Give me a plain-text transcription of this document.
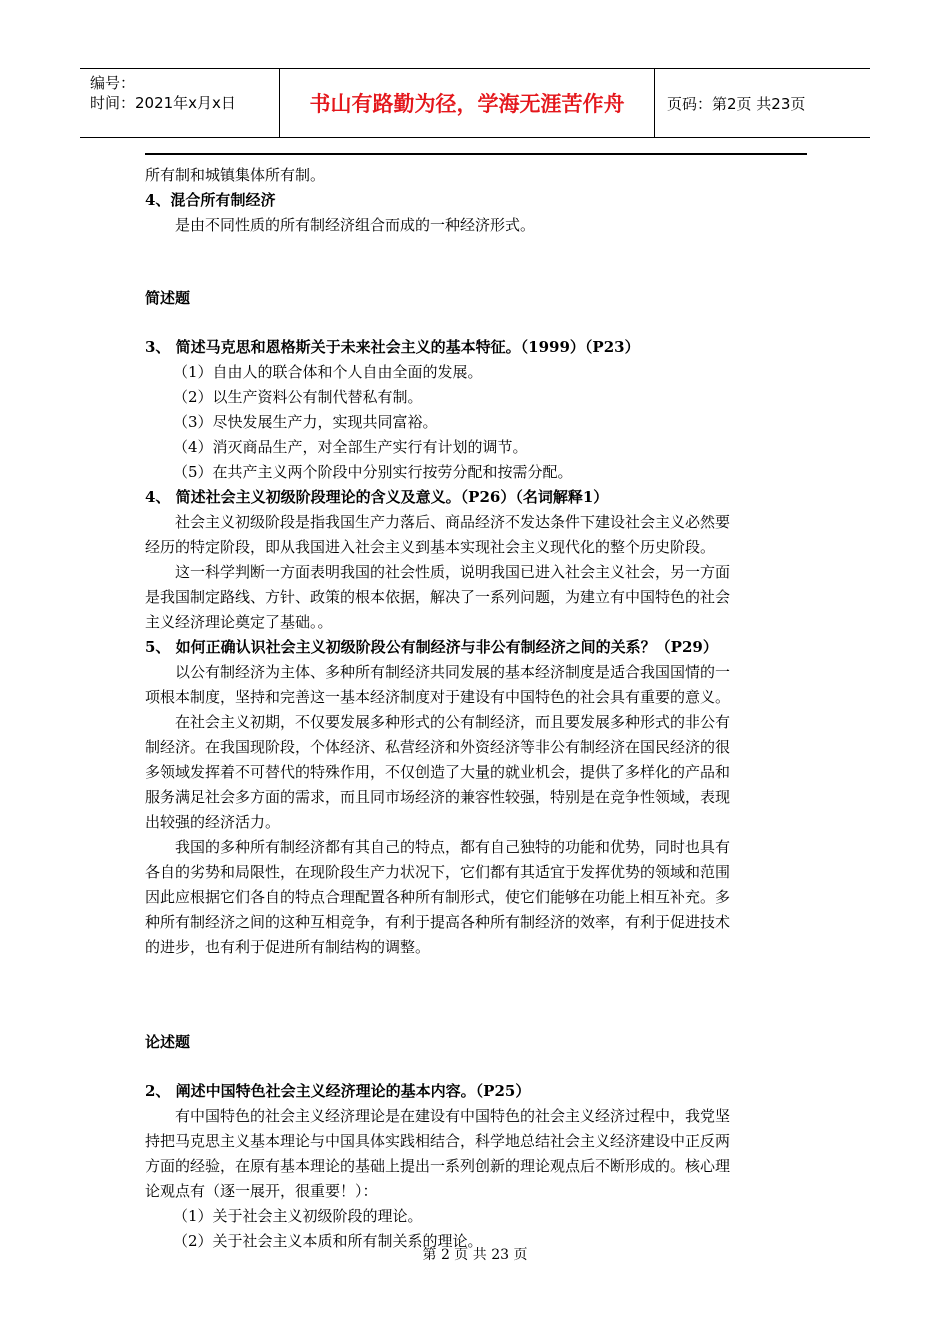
编号：
时间：2021年x月x日	书山有路勤为径，学海无涯苦作舟	页码：第2页 共23页
所有制和城镇集体所有制。
4、混合所有制经济
是由不同性质的所有制经济组合而成的一种经济形式。
简述题
3、 简述马克思和恩格斯关于未来社会主义的基本特征。（1999）（P23）
（1）自由人的联合体和个人自由全面的发展。
（2）以生产资料公有制代替私有制。
（3）尽快发展生产力，实现共同富裕。
（4）消灭商品生产，对全部生产实行有计划的调节。
（5）在共产主义两个阶段中分别实行按劳分配和按需分配。
4、 简述社会主义初级阶段理论的含义及意义。（P26）（名词解释1）
社会主义初级阶段是指我国生产力落后、商品经济不发达条件下建设社会主义必然要
经历的特定阶段，即从我国进入社会主义到基本实现社会主义现代化的整个历史阶段。
这一科学判断一方面表明我国的社会性质，说明我国已进入社会主义社会，另一方面
是我国制定路线、方针、政策的根本依据，解决了一系列问题，为建立有中国特色的社会
主义经济理论奠定了基础。。
5、 如何正确认识社会主义初级阶段公有制经济与非公有制经济之间的关系？（P29）
以公有制经济为主体、多种所有制经济共同发展的基本经济制度是适合我国国情的一
项根本制度，坚持和完善这一基本经济制度对于建设有中国特色的社会具有重要的意义。
在社会主义初期，不仅要发展多种形式的公有制经济，而且要发展多种形式的非公有
制经济。在我国现阶段，个体经济、私营经济和外资经济等非公有制经济在国民经济的很
多领域发挥着不可替代的特殊作用，不仅创造了大量的就业机会，提供了多样化的产品和
服务满足社会多方面的需求，而且同市场经济的兼容性较强，特别是在竞争性领域，表现
出较强的经济活力。
我国的多种所有制经济都有其自己的特点，都有自己独特的功能和优势，同时也具有
各自的劣势和局限性，在现阶段生产力状况下，它们都有其适宜于发挥优势的领域和范围
因此应根据它们各自的特点合理配置各种所有制形式，使它们能够在功能上相互补充。多
种所有制经济之间的这种互相竞争，有利于提高各种所有制经济的效率，有利于促进技术
的进步，也有利于促进所有制结构的调整。
论述题
2、 阐述中国特色社会主义经济理论的基本内容。（P25）
有中国特色的社会主义经济理论是在建设有中国特色的社会主义经济过程中，我党坚
持把马克思主义基本理论与中国具体实践相结合，科学地总结社会主义经济建设中正反两
方面的经验，在原有基本理论的基础上提出一系列创新的理论观点后不断形成的。核心理
论观点有（逐一展开，很重要！）：
（1）关于社会主义初级阶段的理论。
（2）关于社会主义本质和所有制关系的理论。
第 2 页 共 23 页
